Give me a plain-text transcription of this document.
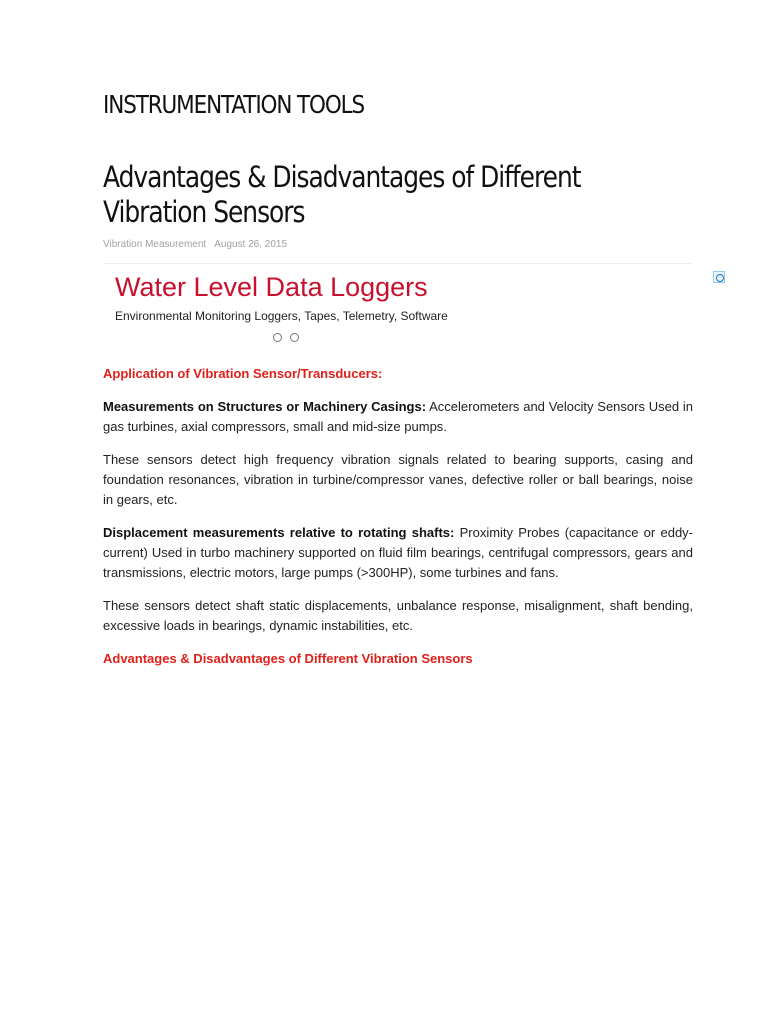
INSTRUMENTATION TOOLS
Advantages & Disadvantages of Different Vibration Sensors
Vibration Measurement August 26, 2015
Water Level Data Loggers
Environmental Monitoring Loggers, Tapes, Telemetry, Software

Application of Vibration Sensor/Transducers:

Measurements on Structures or Machinery Casings: Accelerometers and Velocity Sensors Used in gas turbines, axial compressors, small and mid-size pumps.

These sensors detect high frequency vibration signals related to bearing supports, casing and foundation resonances, vibration in turbine/compressor vanes, defective roller or ball bearings, noise in gears, etc.

Displacement measurements relative to rotating shafts: Proximity Probes (capacitance or eddy-current) Used in turbo machinery supported on fluid film bearings, centrifugal compressors, gears and transmissions, electric motors, large pumps (>300HP), some turbines and fans.

These sensors detect shaft static displacements, unbalance response, misalignment, shaft bending, excessive loads in bearings, dynamic instabilities, etc.

Advantages & Disadvantages of Different Vibration Sensors
